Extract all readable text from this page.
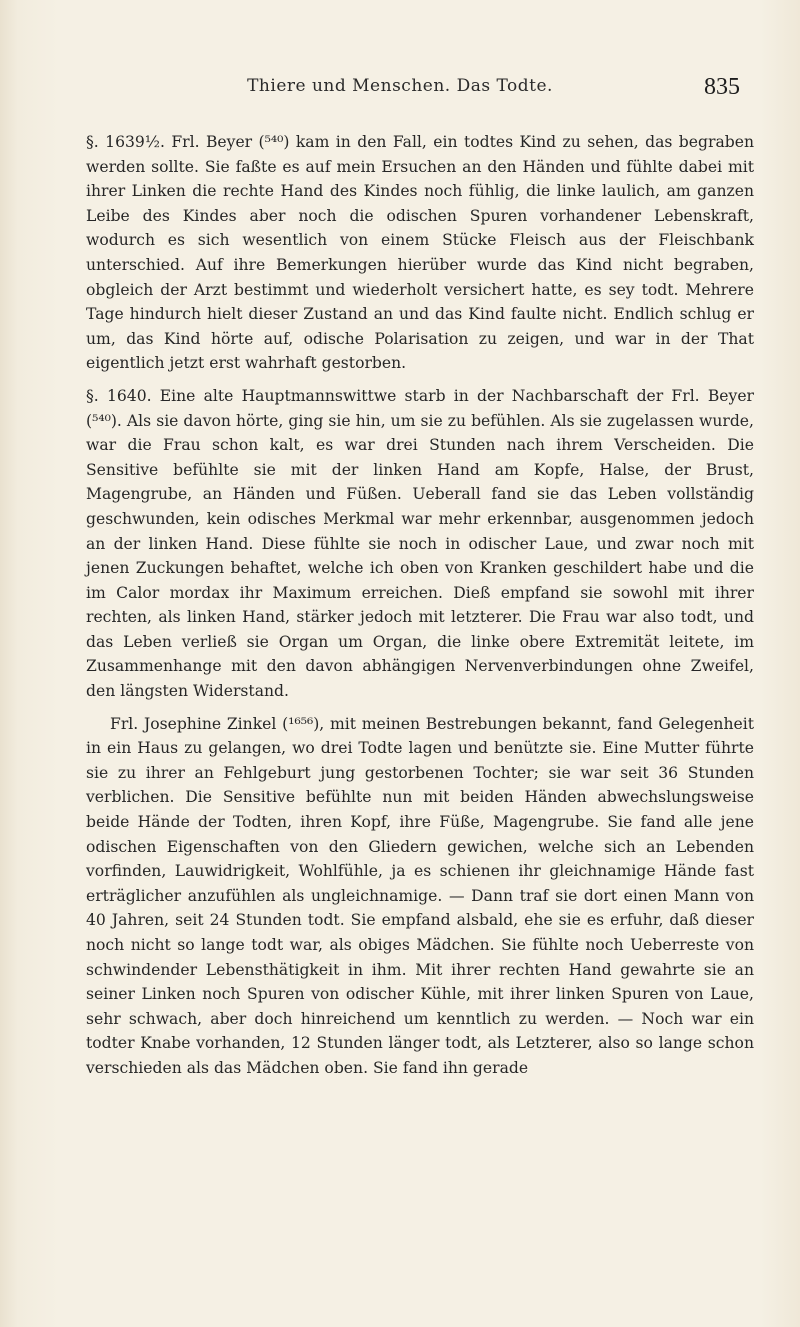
Thiere und Menschen. Das Todte.	835

§. 1639½. Frl. Beyer (⁵⁴⁰) kam in den Fall, ein todtes Kind zu sehen, das begraben werden sollte. Sie faßte es auf mein Ersuchen an den Händen und fühlte dabei mit ihrer Linken die rechte Hand des Kindes noch fühlig, die linke laulich, am ganzen Leibe des Kindes aber noch die odischen Spuren vorhandener Lebenskraft, wodurch es sich wesentlich von einem Stücke Fleisch aus der Fleischbank unterschied. Auf ihre Bemerkungen hierüber wurde das Kind nicht begraben, obgleich der Arzt bestimmt und wiederholt versichert hatte, es sey todt. Mehrere Tage hindurch hielt dieser Zustand an und das Kind faulte nicht. Endlich schlug er um, das Kind hörte auf, odische Polarisation zu zeigen, und war in der That eigentlich jetzt erst wahrhaft gestorben.

§. 1640. Eine alte Hauptmannswittwe starb in der Nachbarschaft der Frl. Beyer (⁵⁴⁰). Als sie davon hörte, ging sie hin, um sie zu befühlen. Als sie zugelassen wurde, war die Frau schon kalt, es war drei Stunden nach ihrem Verscheiden. Die Sensitive befühlte sie mit der linken Hand am Kopfe, Halse, der Brust, Magengrube, an Händen und Füßen. Ueberall fand sie das Leben vollständig geschwunden, kein odisches Merkmal war mehr erkennbar, ausgenommen jedoch an der linken Hand. Diese fühlte sie noch in odischer Laue, und zwar noch mit jenen Zuckungen behaftet, welche ich oben von Kranken geschildert habe und die im Calor mordax ihr Maximum erreichen. Dieß empfand sie sowohl mit ihrer rechten, als linken Hand, stärker jedoch mit letzterer. Die Frau war also todt, und das Leben verließ sie Organ um Organ, die linke obere Extremität leitete, im Zusammenhange mit den davon abhängigen Nervenverbindungen ohne Zweifel, den längsten Widerstand.

Frl. Josephine Zinkel (¹⁶⁵⁶), mit meinen Bestrebungen bekannt, fand Gelegenheit in ein Haus zu gelangen, wo drei Todte lagen und benützte sie. Eine Mutter führte sie zu ihrer an Fehlgeburt jung gestorbenen Tochter; sie war seit 36 Stunden verblichen. Die Sensitive befühlte nun mit beiden Händen abwechslungsweise beide Hände der Todten, ihren Kopf, ihre Füße, Magengrube. Sie fand alle jene odischen Eigenschaften von den Gliedern gewichen, welche sich an Lebenden vorfinden, Lauwidrigkeit, Wohlfühle, ja es schienen ihr gleichnamige Hände fast erträglicher anzufühlen als ungleichnamige. — Dann traf sie dort einen Mann von 40 Jahren, seit 24 Stunden todt. Sie empfand alsbald, ehe sie es erfuhr, daß dieser noch nicht so lange todt war, als obiges Mädchen. Sie fühlte noch Ueberreste von schwindender Lebensthätigkeit in ihm. Mit ihrer rechten Hand gewahrte sie an seiner Linken noch Spuren von odischer Kühle, mit ihrer linken Spuren von Laue, sehr schwach, aber doch hinreichend um kenntlich zu werden. — Noch war ein todter Knabe vorhanden, 12 Stunden länger todt, als Letzterer, also so lange schon verschieden als das Mädchen oben. Sie fand ihn gerade
